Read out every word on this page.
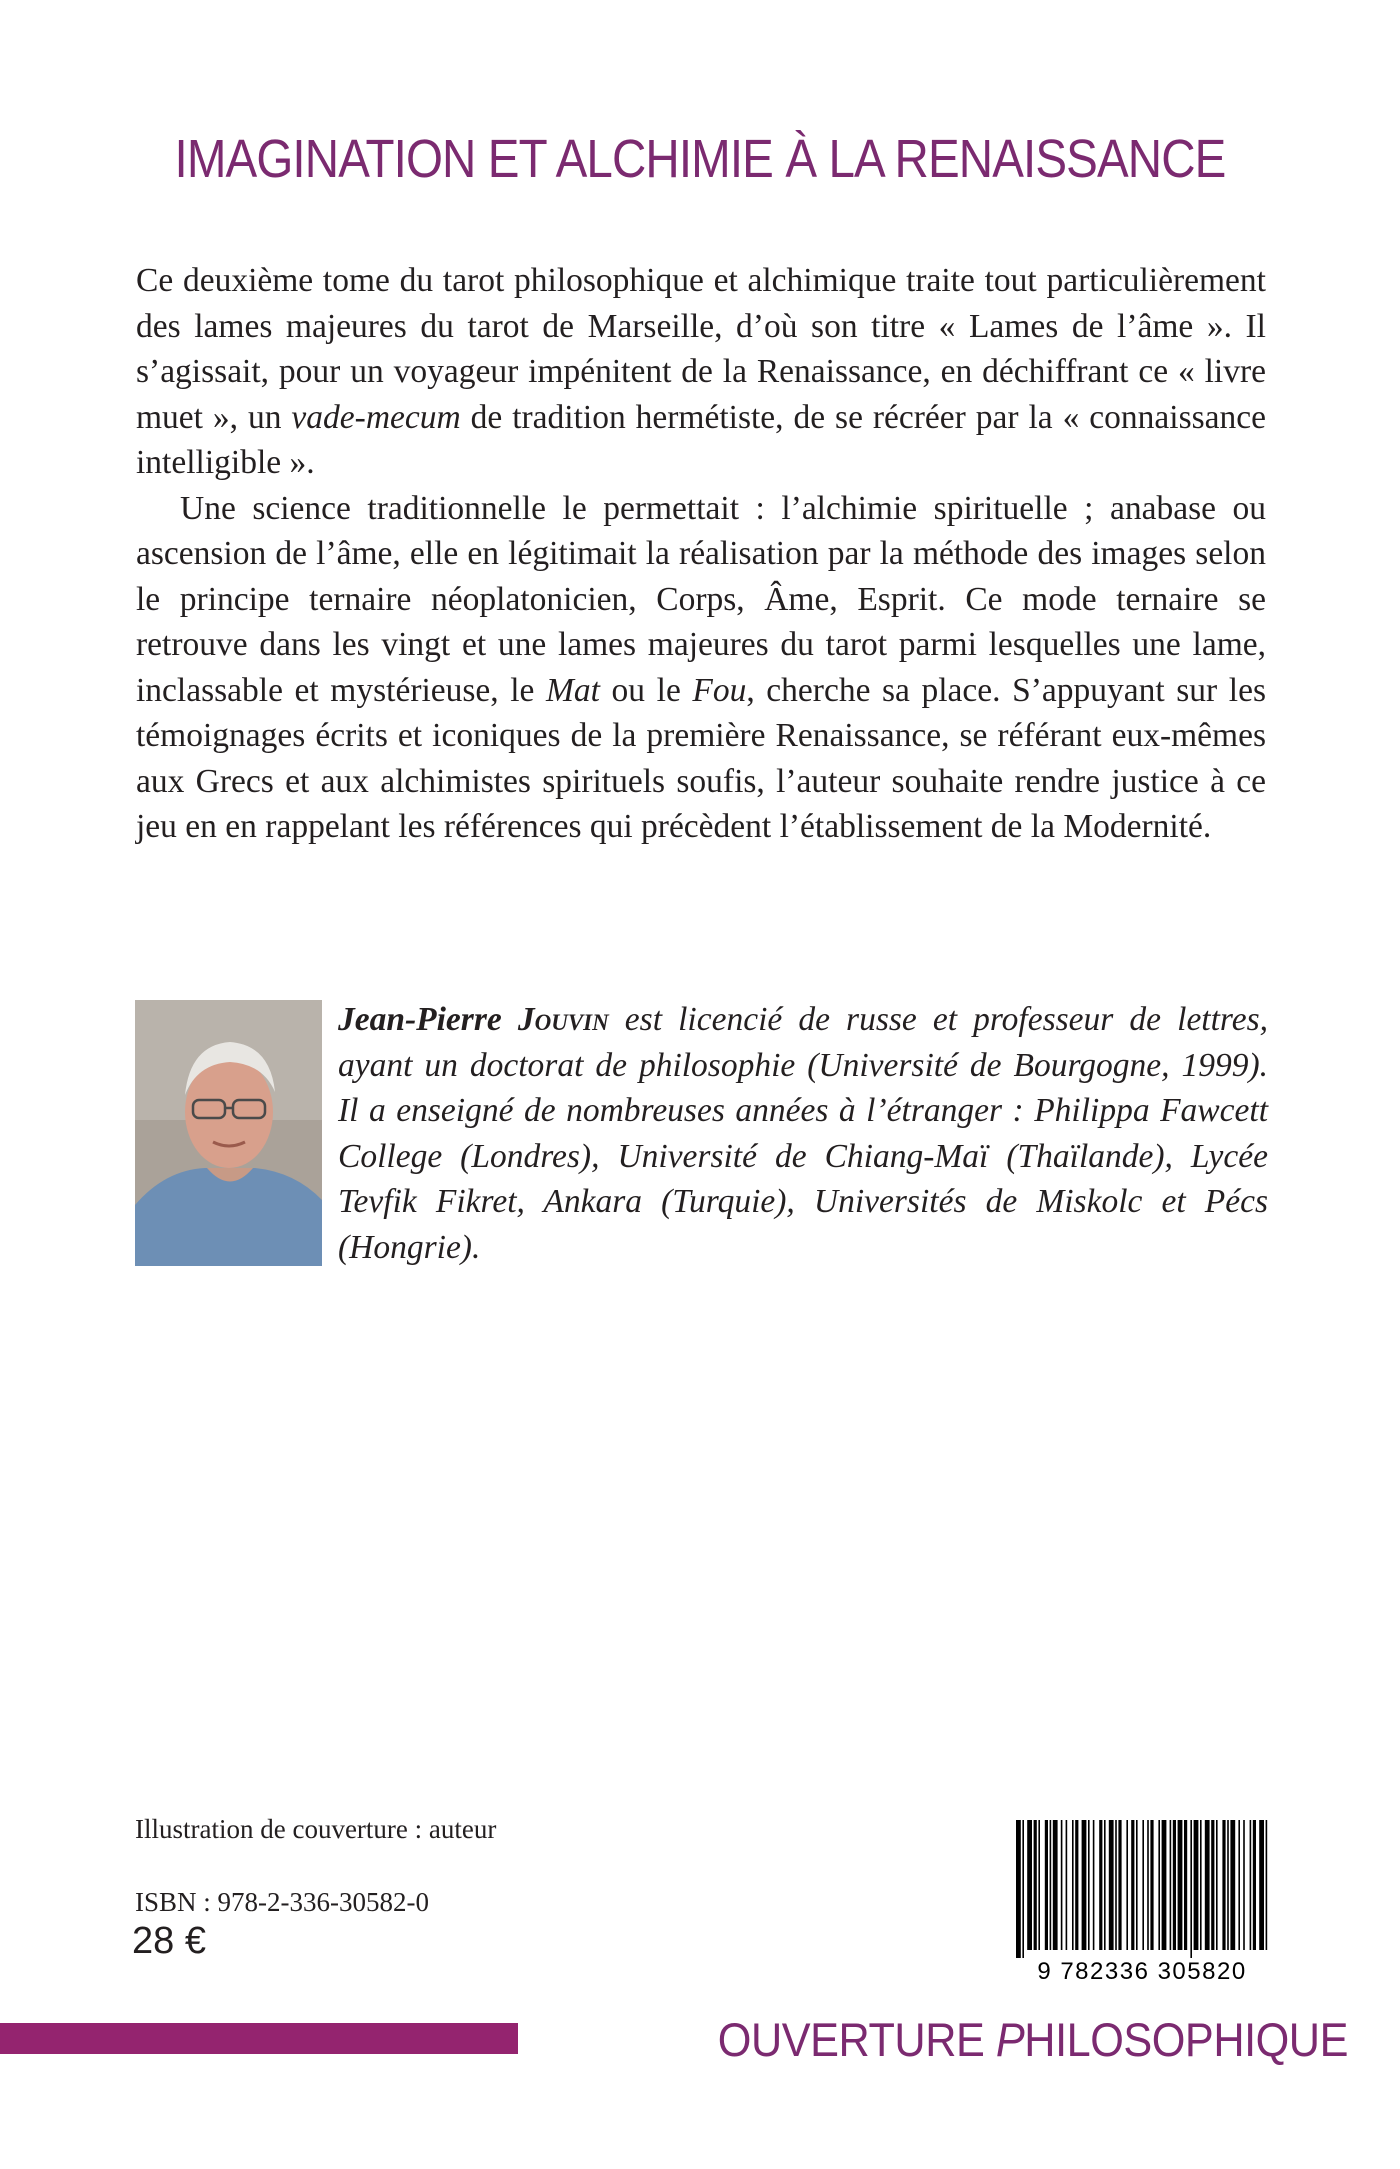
IMAGINATION ET ALCHIMIE À LA RENAISSANCE

Ce deuxième tome du tarot philosophique et alchimique traite tout particulièrement des lames majeures du tarot de Marseille, d’où son titre « Lames de l’âme ». Il s’agissait, pour un voyageur impénitent de la Renaissance, en déchiffrant ce « livre muet », un vade-mecum de tradition hermétiste, de se récréer par la « connaissance intelligible ».

Une science traditionnelle le permettait : l’alchimie spirituelle ; anabase ou ascension de l’âme, elle en légitimait la réalisation par la méthode des images selon le principe ternaire néoplatonicien, Corps, Âme, Esprit. Ce mode ternaire se retrouve dans les vingt et une lames majeures du tarot parmi lesquelles une lame, inclassable et mystérieuse, le Mat ou le Fou, cherche sa place. S’appuyant sur les témoignages écrits et iconiques de la première Renaissance, se référant eux-mêmes aux Grecs et aux alchimistes spirituels soufis, l’auteur souhaite rendre justice à ce jeu en en rappelant les références qui précèdent l’établissement de la Modernité.

Jean-Pierre Jouvin est licencié de russe et professeur de lettres, ayant un doctorat de philosophie (Université de Bourgogne, 1999). Il a enseigné de nombreuses années à l’étranger : Philippa Fawcett College (Londres), Université de Chiang-Maï (Thaïlande), Lycée Tevfik Fikret, Ankara (Turquie), Universités de Miskolc et Pécs (Hongrie).

Illustration de couverture : auteur
ISBN : 978-2-336-30582-0
28 €
9 782336 305820
OUVERTURE PHILOSOPHIQUE
